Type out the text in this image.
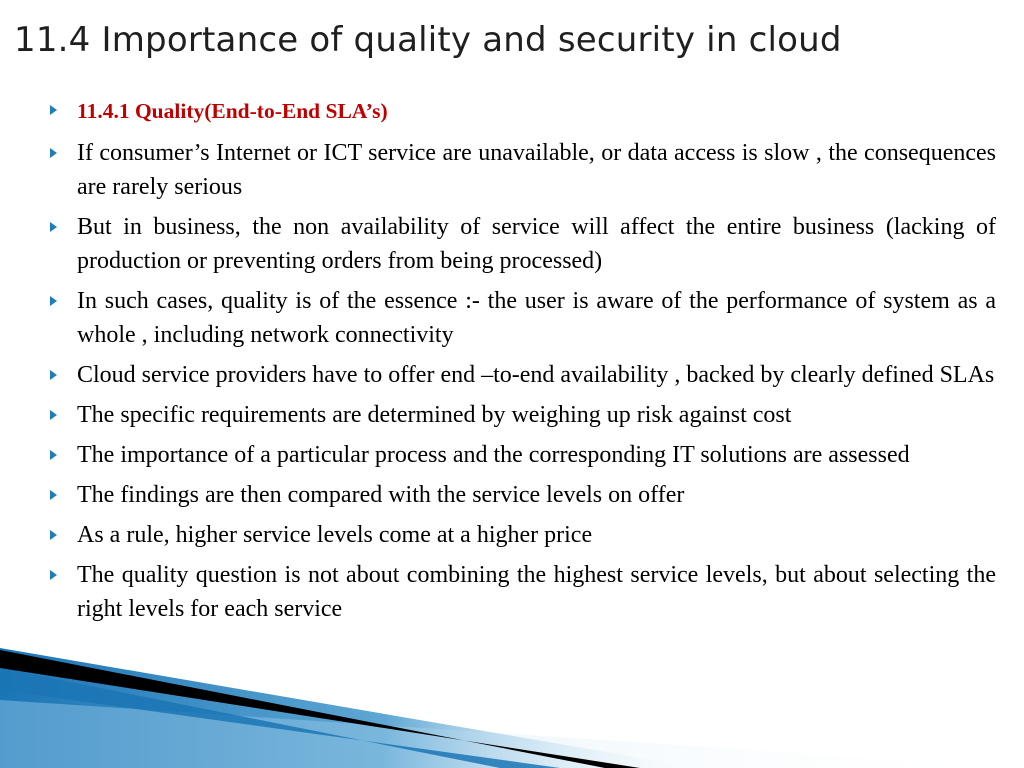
11.4 Importance of quality and security in cloud
11.4.1 Quality(End-to-End SLA’s)
If consumer’s Internet or ICT service are unavailable, or data access is slow , the consequences are rarely serious
But in business, the non availability of service will affect the entire business (lacking of production or preventing orders from being processed)
In such cases, quality is of the essence :- the user is aware of the performance of system as a whole , including network connectivity
Cloud service providers have to offer end –to-end availability , backed by clearly defined SLAs
The specific requirements are determined by weighing up risk against cost
The importance of a particular process and the corresponding IT solutions are assessed
The findings are then compared with the service levels on offer
As a rule, higher service levels come at a higher price
The quality question is not about combining the highest service levels, but about selecting the right levels for each service
